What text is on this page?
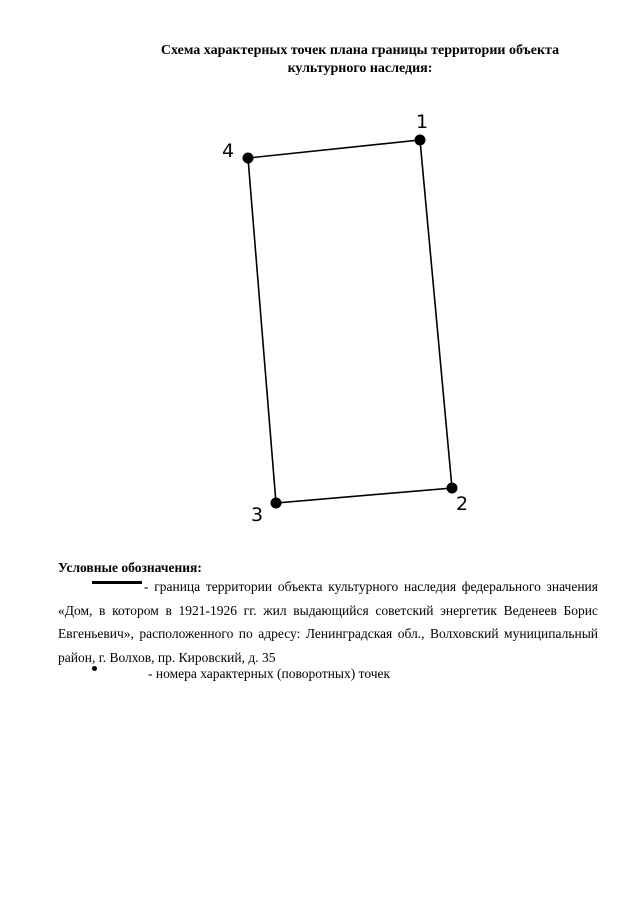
Схема характерных точек плана границы территории объекта культурного наследия:
1
2
3
4
Условные обозначения:
- граница территории объекта культурного наследия федерального значения «Дом, в котором в 1921-1926 гг. жил выдающийся советский энергетик Веденеев Борис Евгеньевич», расположенного по адресу: Ленинградская обл., Волховский муниципальный район, г. Волхов, пр. Кировский, д. 35
- номера характерных (поворотных) точек
